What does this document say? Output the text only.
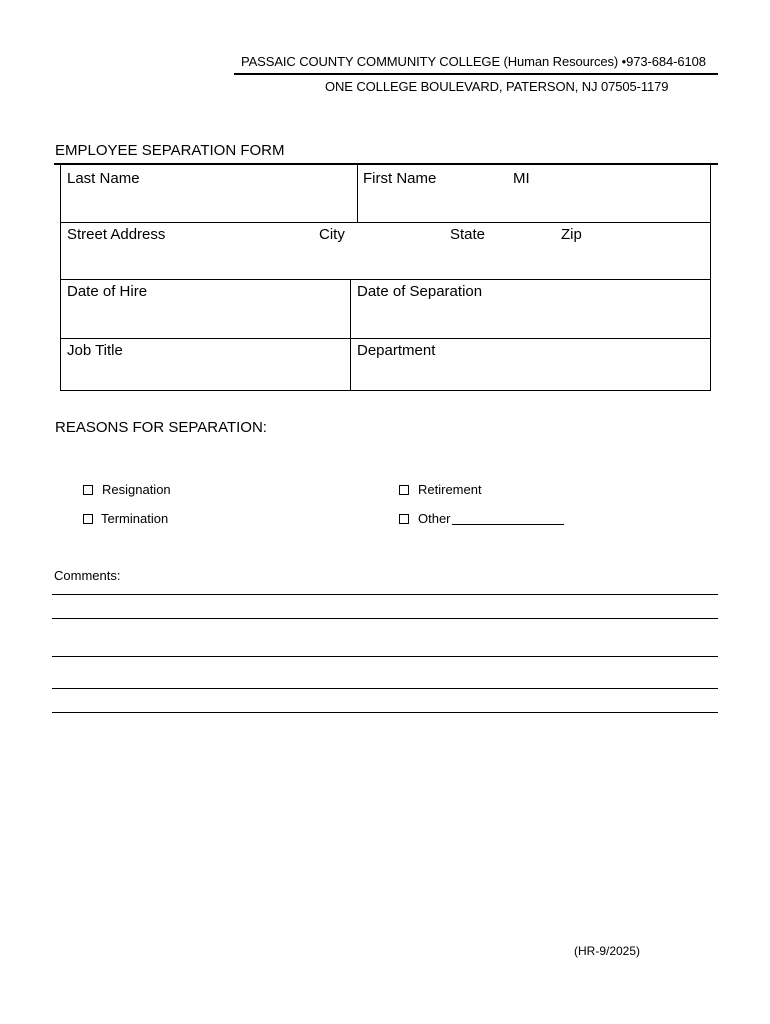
PASSAIC COUNTY COMMUNITY COLLEGE (Human Resources) •973-684-6108
ONE COLLEGE BOULEVARD, PATERSON, NJ 07505-1179
EMPLOYEE SEPARATION FORM
Last Name	First Name	MI
Street Address	City	State	Zip
Date of Hire	Date of Separation
Job Title	Department
REASONS FOR SEPARATION:
Resignation	Retirement
Termination	Other
Comments:
(HR-9/2025)
